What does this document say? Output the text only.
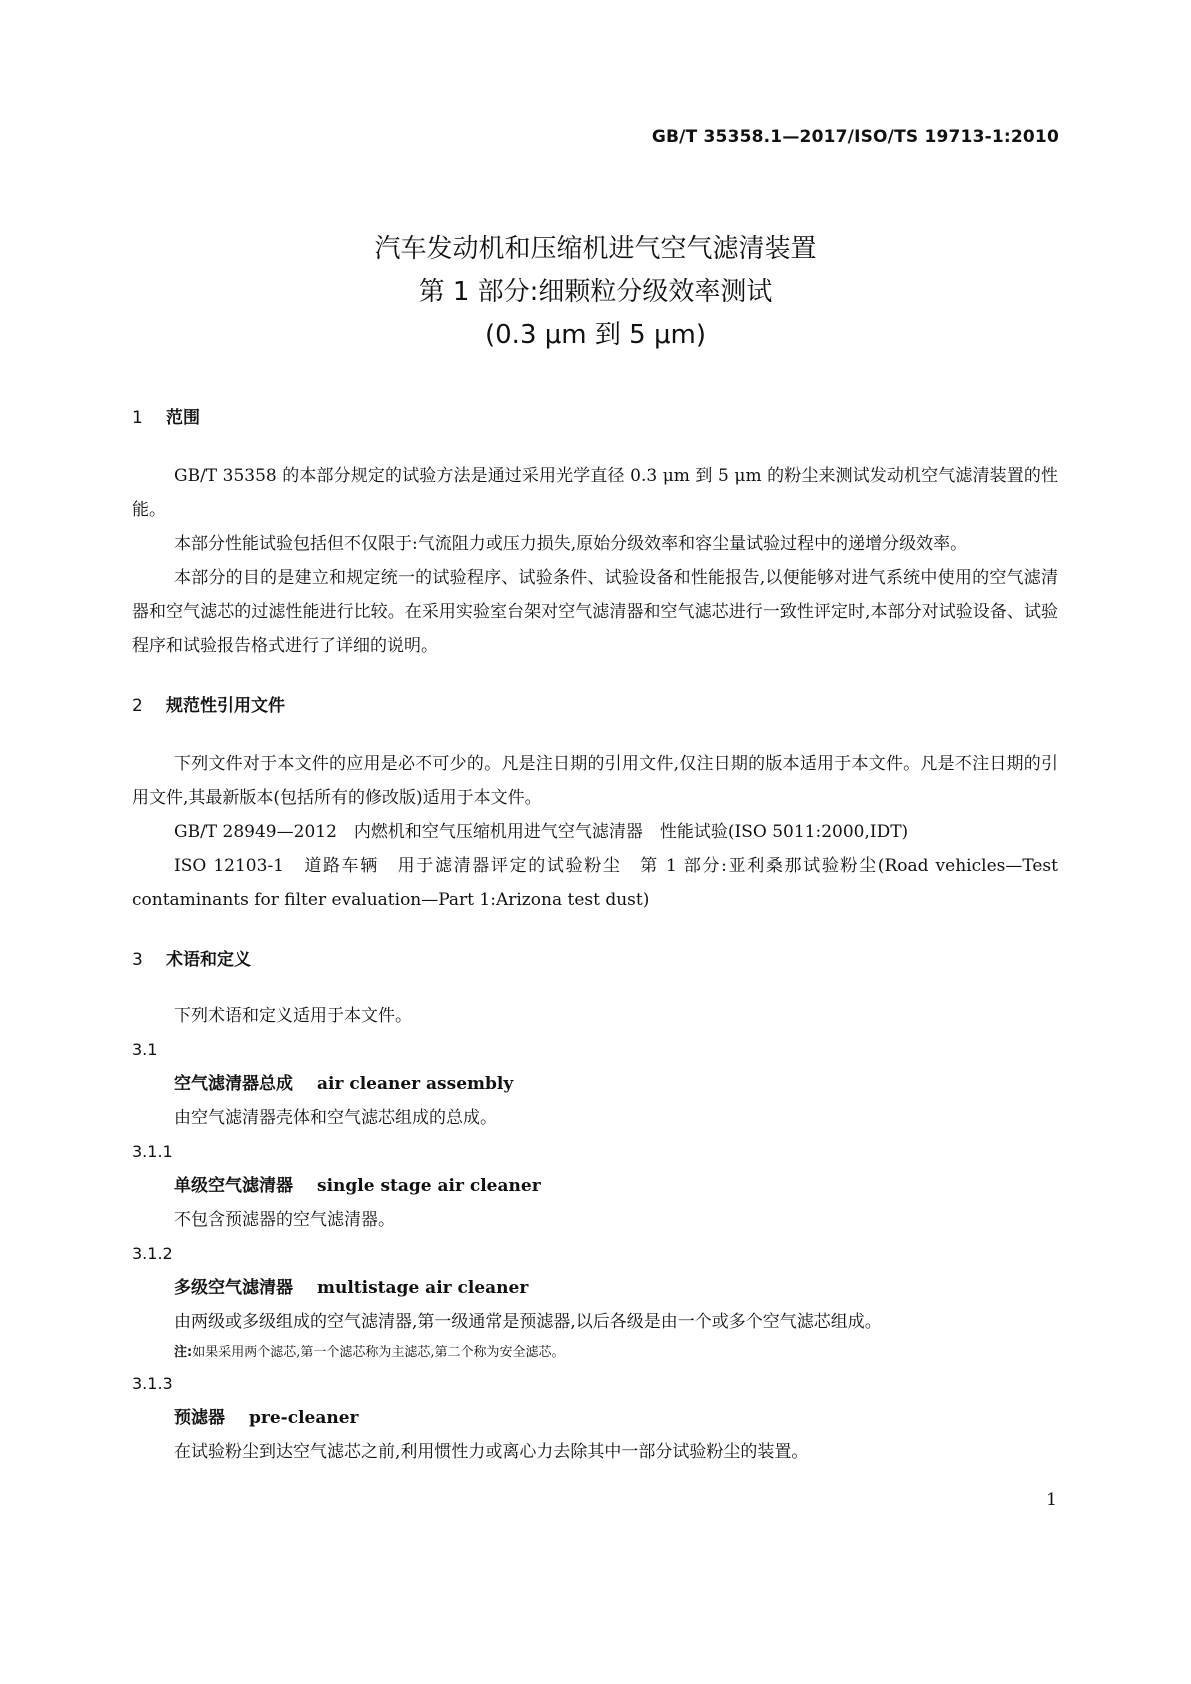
GB/T 35358.1—2017/ISO/TS 19713-1:2010
汽车发动机和压缩机进气空气滤清装置
第 1 部分:细颗粒分级效率测试
(0.3 μm 到 5 μm)
1 范围

GB/T 35358 的本部分规定的试验方法是通过采用光学直径 0.3 μm 到 5 μm 的粉尘来测试发动机空气滤清装置的性能。

本部分性能试验包括但不仅限于:气流阻力或压力损失,原始分级效率和容尘量试验过程中的递增分级效率。

本部分的目的是建立和规定统一的试验程序、试验条件、试验设备和性能报告,以便能够对进气系统中使用的空气滤清器和空气滤芯的过滤性能进行比较。在采用实验室台架对空气滤清器和空气滤芯进行一致性评定时,本部分对试验设备、试验程序和试验报告格式进行了详细的说明。

2 规范性引用文件

下列文件对于本文件的应用是必不可少的。凡是注日期的引用文件,仅注日期的版本适用于本文件。凡是不注日期的引用文件,其最新版本(包括所有的修改版)适用于本文件。

GB/T 28949—2012　内燃机和空气压缩机用进气空气滤清器　性能试验(ISO 5011:2000,IDT)

ISO 12103-1　道路车辆　用于滤清器评定的试验粉尘　第 1 部分:亚利桑那试验粉尘(Road vehicles—Test contaminants for filter evaluation—Part 1:Arizona test dust)

3 术语和定义

下列术语和定义适用于本文件。

3.1
空气滤清器总成 air cleaner assembly
由空气滤清器壳体和空气滤芯组成的总成。
3.1.1
单级空气滤清器 single stage air cleaner
不包含预滤器的空气滤清器。
3.1.2
多级空气滤清器 multistage air cleaner
由两级或多级组成的空气滤清器,第一级通常是预滤器,以后各级是由一个或多个空气滤芯组成。
注:如果采用两个滤芯,第一个滤芯称为主滤芯,第二个称为安全滤芯。
3.1.3
预滤器 pre-cleaner
在试验粉尘到达空气滤芯之前,利用惯性力或离心力去除其中一部分试验粉尘的装置。
1
